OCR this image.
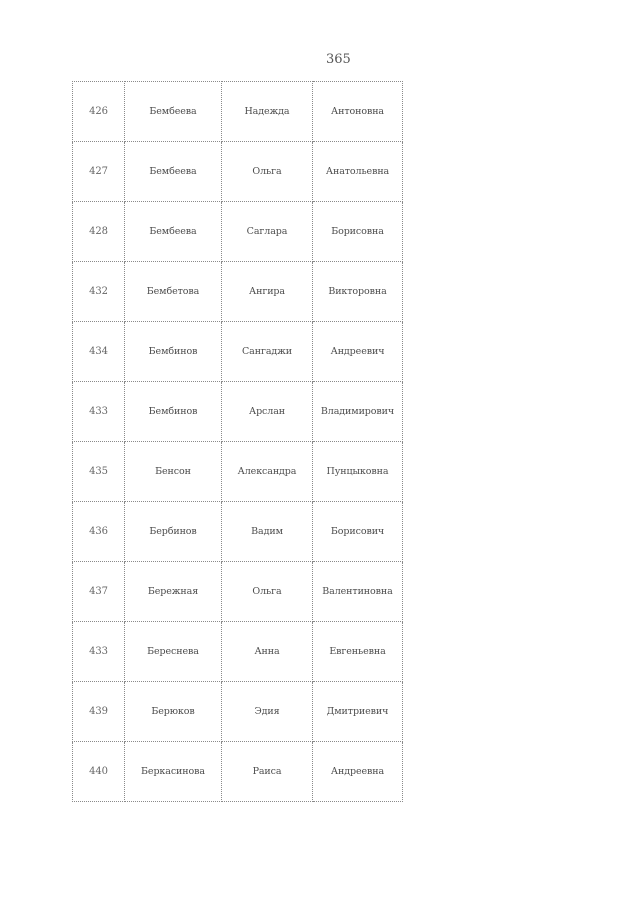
365
426	Бембеева	Надежда	Антоновна
427	Бембеева	Ольга	Анатольевна
428	Бембеева	Саглара	Борисовна
432	Бембетова	Ангира	Викторовна
434	Бембинов	Сангаджи	Андреевич
433	Бембинов	Арслан	Владимирович
435	Бенсон	Александра	Пунцыковна
436	Бербинов	Вадим	Борисович
437	Бережная	Ольга	Валентиновна
433	Береснева	Анна	Евгеньевна
439	Берюков	Эдия	Дмитриевич
440	Беркасинова	Раиса	Андреевна
